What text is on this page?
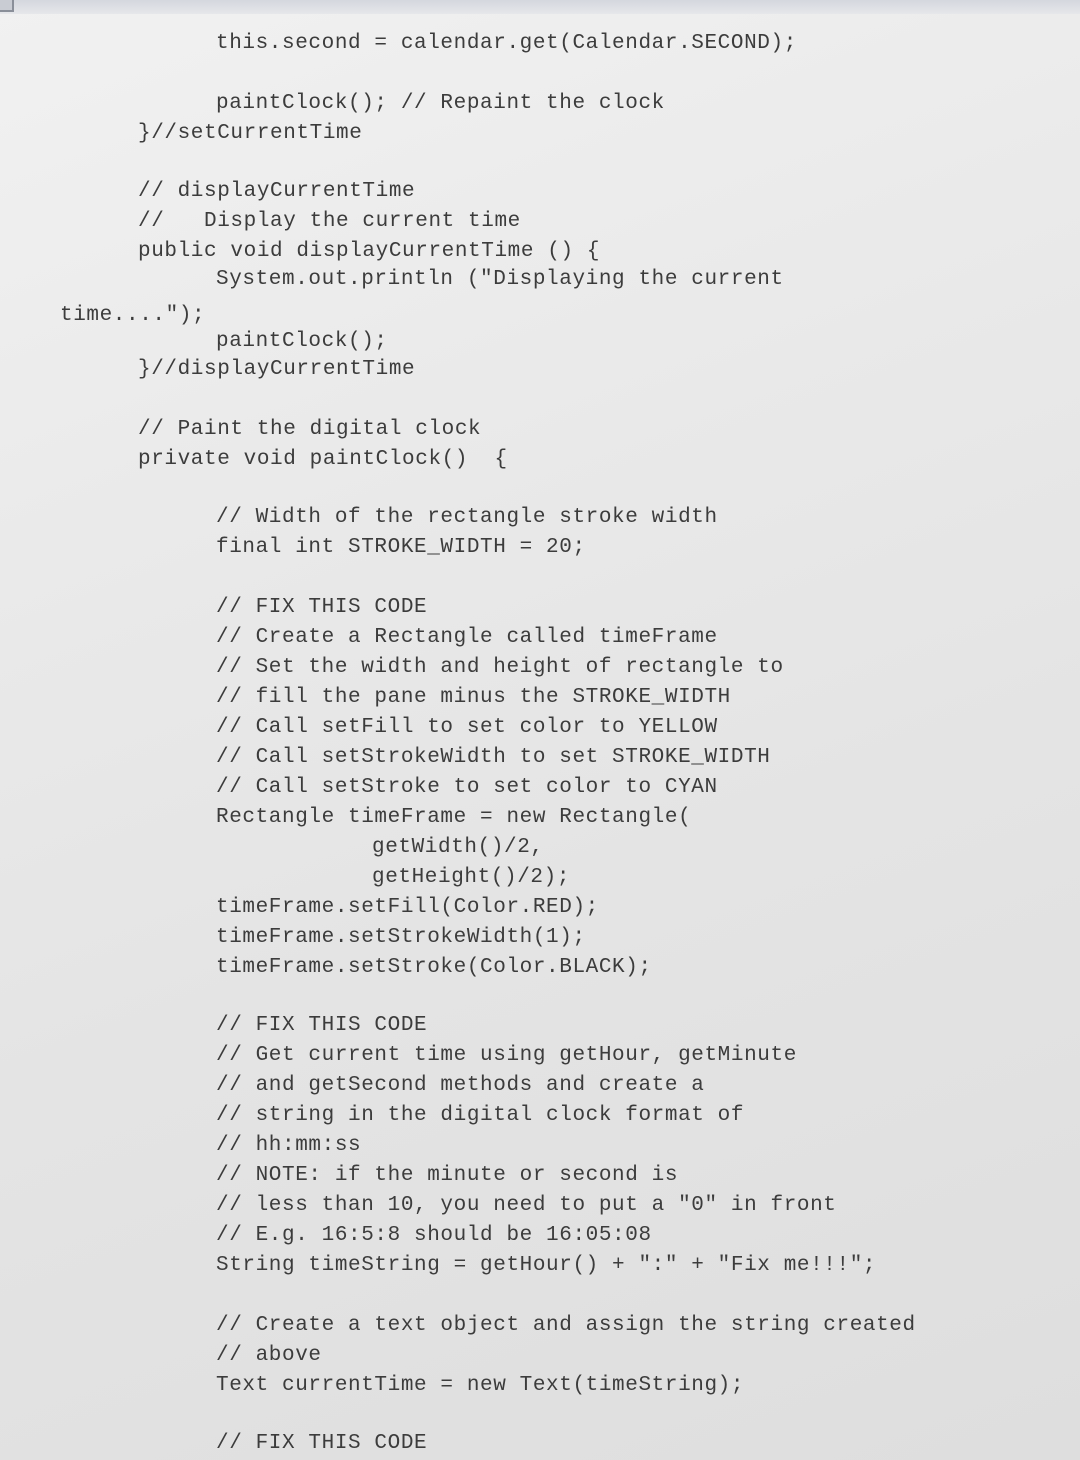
this.second = calendar.get(Calendar.SECOND);
paintClock(); // Repaint the clock
}//setCurrentTime
// displayCurrentTime
//   Display the current time
public void displayCurrentTime () {
System.out.println ("Displaying the current
time....");
paintClock();
}//displayCurrentTime
// Paint the digital clock
private void paintClock()  {
// Width of the rectangle stroke width
final int STROKE_WIDTH = 20;
// FIX THIS CODE
// Create a Rectangle called timeFrame
// Set the width and height of rectangle to
// fill the pane minus the STROKE_WIDTH
// Call setFill to set color to YELLOW
// Call setStrokeWidth to set STROKE_WIDTH
// Call setStroke to set color to CYAN
Rectangle timeFrame = new Rectangle(
getWidth()/2,
getHeight()/2);
timeFrame.setFill(Color.RED);
timeFrame.setStrokeWidth(1);
timeFrame.setStroke(Color.BLACK);
// FIX THIS CODE
// Get current time using getHour, getMinute
// and getSecond methods and create a
// string in the digital clock format of
// hh:mm:ss
// NOTE: if the minute or second is
// less than 10, you need to put a "0" in front
// E.g. 16:5:8 should be 16:05:08
String timeString = getHour() + ":" + "Fix me!!!";
// Create a text object and assign the string created
// above
Text currentTime = new Text(timeString);
// FIX THIS CODE
